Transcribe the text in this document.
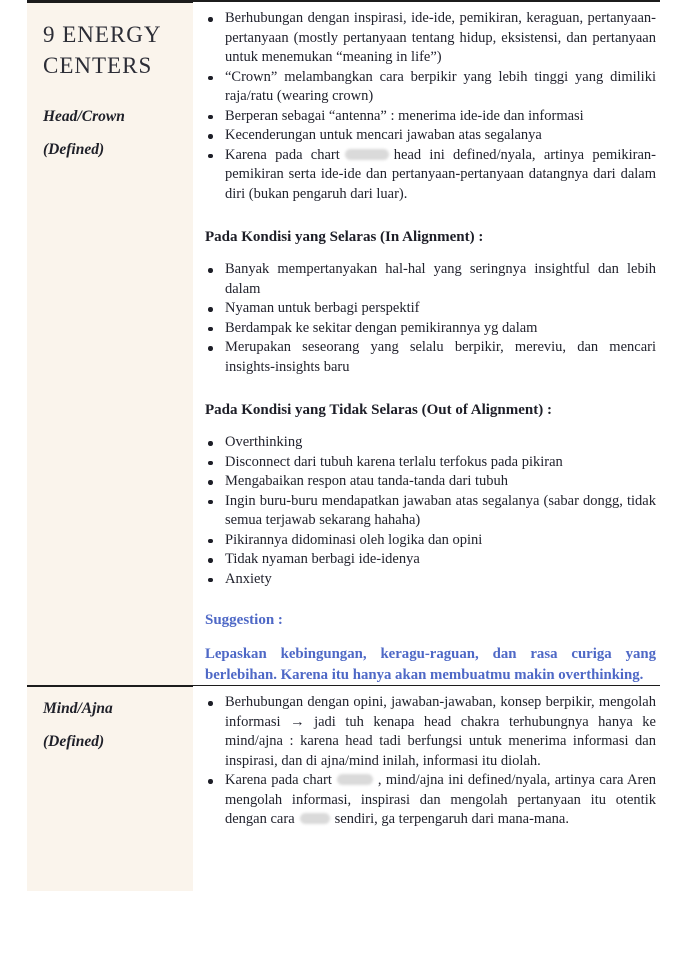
9 ENERGY CENTERS
Head/Crown
(Defined)
Berhubungan dengan inspirasi, ide-ide, pemikiran, keraguan, pertanyaan-pertanyaan (mostly pertanyaan tentang hidup, eksistensi, dan pertanyaan untuk menemukan “meaning in life”)
“Crown” melambangkan cara berpikir yang lebih tinggi yang dimiliki raja/ratu (wearing crown)
Berperan sebagai “antenna” : menerima ide-ide dan informasi
Kecenderungan untuk mencari jawaban atas segalanya
Karena pada chart	head ini defined/nyala, artinya pemikiran-pemikiran serta ide-ide dan pertanyaan-pertanyaan datangnya dari dalam diri (bukan pengaruh dari luar).
Pada Kondisi yang Selaras (In Alignment) :
Banyak mempertanyakan hal-hal yang seringnya insightful dan lebih dalam
Nyaman untuk berbagi perspektif
Berdampak ke sekitar dengan pemikirannya yg dalam
Merupakan seseorang yang selalu berpikir, mereviu, dan mencari insights-insights baru
Pada Kondisi yang Tidak Selaras (Out of Alignment) :
Overthinking
Disconnect dari tubuh karena terlalu terfokus pada pikiran
Mengabaikan respon atau tanda-tanda dari tubuh
Ingin buru-buru mendapatkan jawaban atas segalanya (sabar dongg, tidak semua terjawab sekarang hahaha)
Pikirannya didominasi oleh logika dan opini
Tidak nyaman berbagi ide-idenya
Anxiety

Suggestion :

Lepaskan kebingungan, keragu-raguan, dan rasa curiga yang berlebihan. Karena itu hanya akan membuatmu makin overthinking.

Mind/Ajna
(Defined)
Berhubungan dengan opini, jawaban-jawaban, konsep berpikir, mengolah informasi → jadi tuh kenapa head chakra terhubungnya hanya ke mind/ajna : karena head tadi berfungsi untuk menerima informasi dan inspirasi, dan di ajna/mind inilah, informasi itu diolah.
Karena pada chart	, mind/ajna ini defined/nyala, artinya cara Aren mengolah informasi, inspirasi dan mengolah pertanyaan itu otentik dengan cara	sendiri, ga terpengaruh dari mana-mana.
